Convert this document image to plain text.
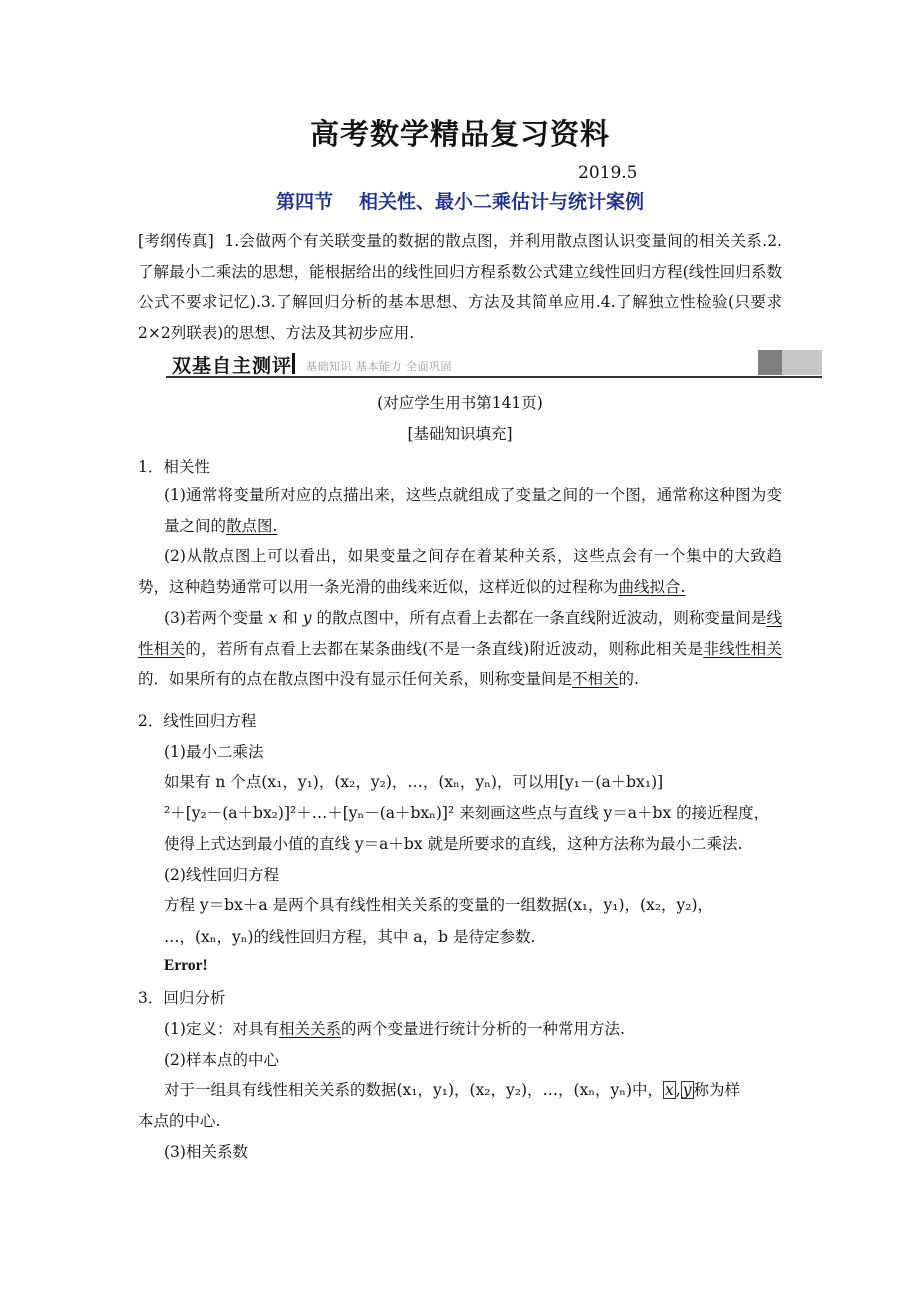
高考数学精品复习资料
2019.5
第四节 相关性、最小二乘估计与统计案例
[考纲传真] 1.会做两个有关联变量的数据的散点图，并利用散点图认识变量间的相关关系.2.了解最小二乘法的思想，能根据给出的线性回归方程系数公式建立线性回归方程(线性回归系数公式不要求记忆).3.了解回归分析的基本思想、方法及其简单应用.4.了解独立性检验(只要求2×2列联表)的思想、方法及其初步应用.
双基自主测评 基础知识 基本能力 全面巩固
(对应学生用书第141页)
[基础知识填充]
1．相关性
(1)通常将变量所对应的点描出来，这些点就组成了变量之间的一个图，通常称这种图为变量之间的散点图.
(2)从散点图上可以看出，如果变量之间存在着某种关系，这些点会有一个集中的大致趋势，这种趋势通常可以用一条光滑的曲线来近似，这样近似的过程称为曲线拟合.
(3)若两个变量 x 和 y 的散点图中，所有点看上去都在一条直线附近波动，则称变量间是线性相关的，若所有点看上去都在某条曲线(不是一条直线)附近波动，则称此相关是非线性相关的．如果所有的点在散点图中没有显示任何关系，则称变量间是不相关的.
2．线性回归方程
(1)最小二乘法
如果有 n 个点(x₁，y₁)，(x₂，y₂)，…，(xₙ，yₙ)，可以用[y₁－(a＋bx₁)]
²＋[y₂－(a＋bx₂)]²＋…＋[yₙ－(a＋bxₙ)]² 来刻画这些点与直线 y＝a＋bx 的接近程度，
使得上式达到最小值的直线 y＝a＋bx 就是所要求的直线，这种方法称为最小二乘法.
(2)线性回归方程
方程 y＝bx＋a 是两个具有线性相关关系的变量的一组数据(x₁，y₁)，(x₂，y₂)，
…，(xₙ，yₙ)的线性回归方程，其中 a，b 是待定参数.
Error!
3．回归分析
(1)定义：对具有相关关系的两个变量进行统计分析的一种常用方法.
(2)样本点的中心
对于一组具有线性相关关系的数据(x₁，y₁)，(x₂，y₂)，…，(xₙ，yₙ)中， x , y 称为样
本点的中心.
(3)相关系数
